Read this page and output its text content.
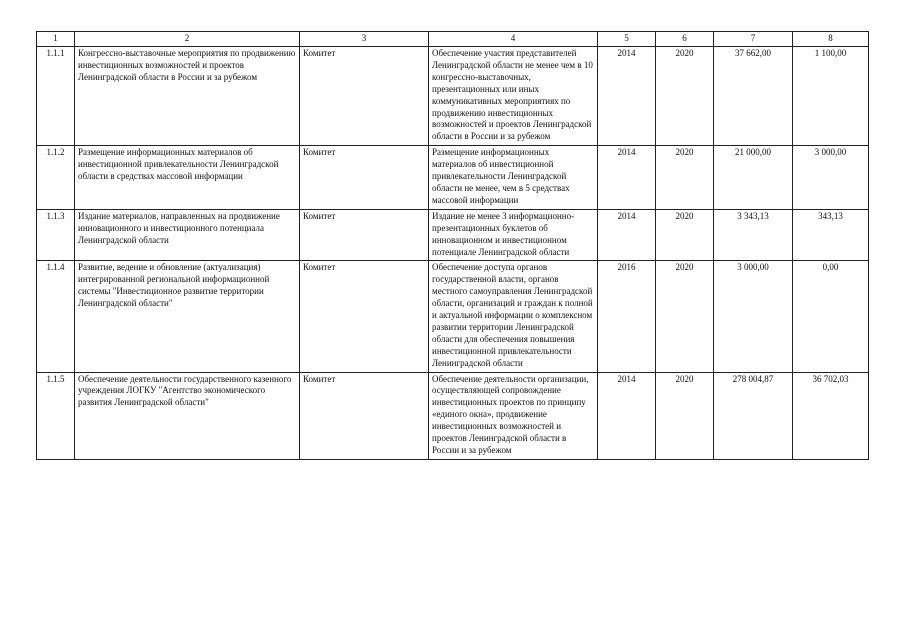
1	2	3	4	5	6	7	8
1.1.1	Конгрессно-выставочные мероприятия по продвижению инвестиционных возможностей и проектов Ленинградской области в России и за рубежом	Комитет	Обеспечение участия представителей Ленинградской области не менее чем в 10 конгрессно-выставочных, презентационных или иных коммуникативных мероприятиях по продвижению инвестиционных возможностей и проектов Ленинградской области в России и за рубежом	2014	2020	37 662,00	1 100,00
1.1.2	Размещение информационных материалов об инвестиционной привлекательности Ленинградской области в средствах массовой информации	Комитет	Размещение информационных материалов об инвестиционной привлекательности Ленинградской области не менее, чем в 5 средствах массовой информации	2014	2020	21 000,00	3 000,00
1.1.3	Издание материалов, направленных на продвижение инновационного и инвестиционного потенциала Ленинградской области	Комитет	Издание не менее 3 информационно-презентационных буклетов об инновационном и инвестиционном потенциале Ленинградской области	2014	2020	3 343,13	343,13
1.1.4	Развитие, ведение и обновление (актуализация) интегрированной региональной информационной системы "Инвестиционное развитие территории Ленинградской области"	Комитет	Обеспечение доступа органов государственной власти, органов местного самоуправления Ленинградской области, организаций и граждан к полной и актуальной информации о комплексном развитии территории Ленинградской области для обеспечения повышения инвестиционной привлекательности Ленинградской области	2016	2020	3 000,00	0,00
1.1.5	Обеспечение деятельности государственного казенного учреждения ЛОГКУ "Агентство экономического развития Ленинградской области"	Комитет	Обеспечение деятельности организации, осуществляющей сопровождение инвестиционных проектов по принципу «единого окна», продвижение инвестиционных возможностей и проектов Ленинградской области в России и за рубежом	2014	2020	278 004,87	36 702,03
